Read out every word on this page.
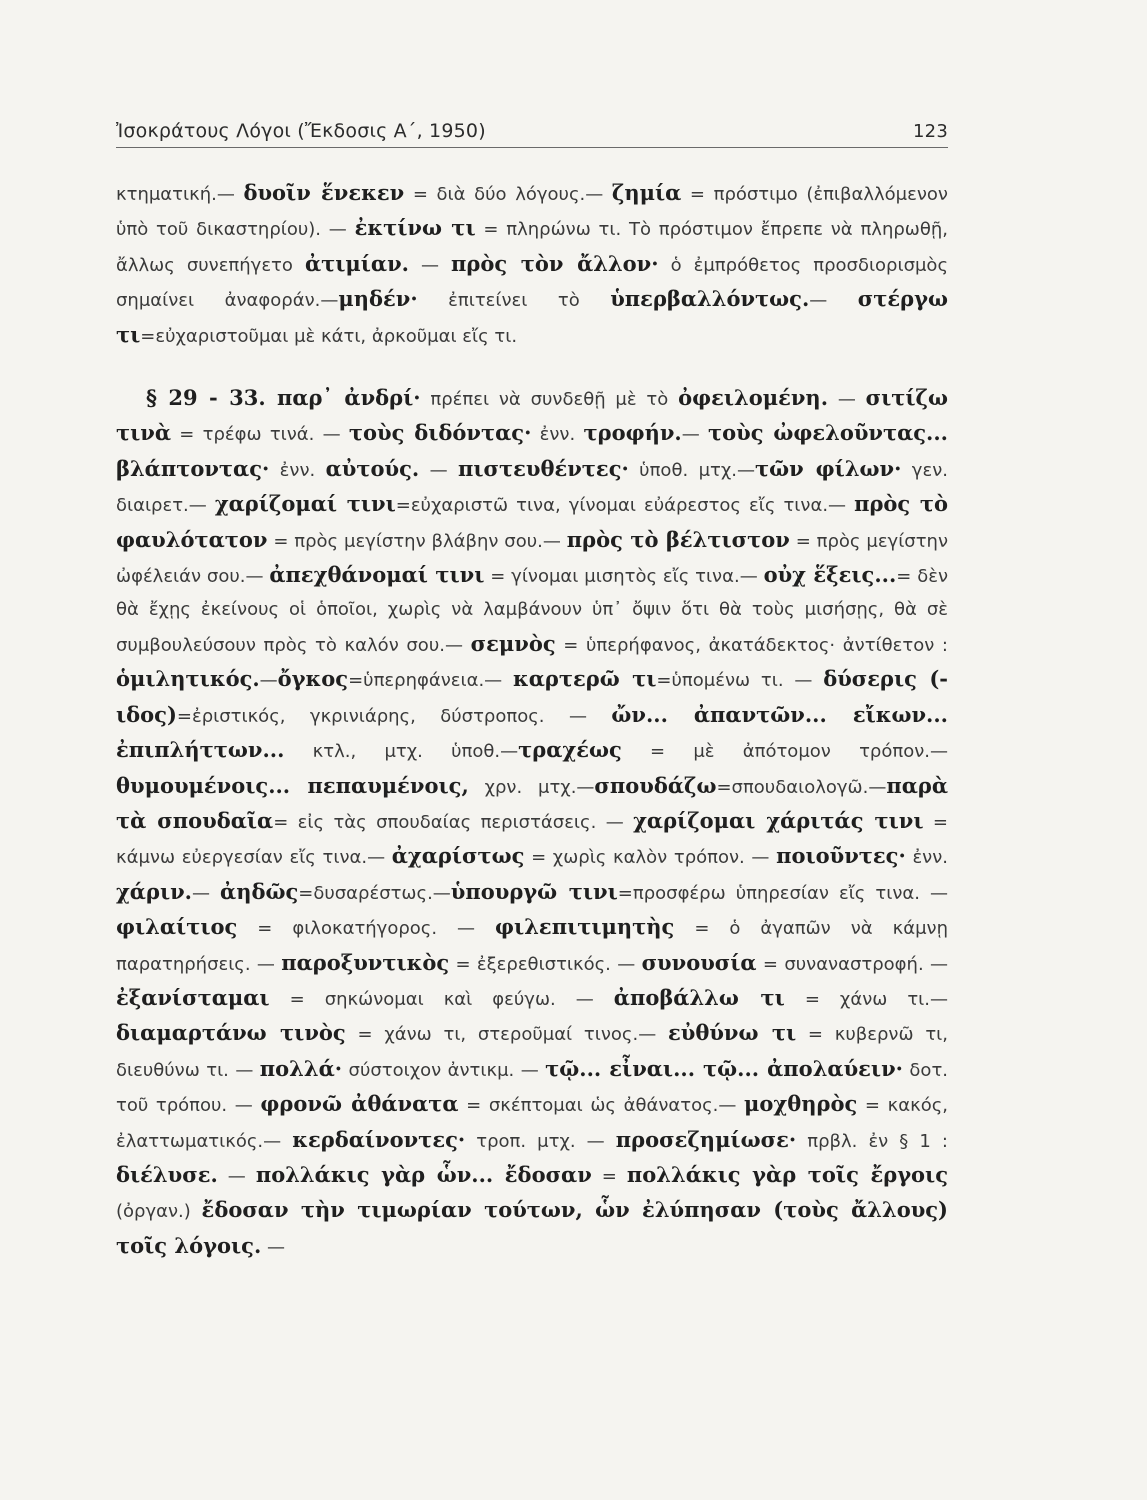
Ἰσοκράτους Λόγοι (Ἔκδοσις Α΄, 1950)	123

κτηματική.— δυοῖν ἕνεκεν = διὰ δύο λόγους.— ζημία = πρόστιμο (ἐπιβαλλόμενον ὑπὸ τοῦ δικαστηρίου). — ἐκτίνω τι = πληρώνω τι. Τὸ πρόστιμον ἔπρεπε νὰ πληρωθῇ, ἄλλως συνεπήγετο ἀτιμίαν. — πρὸς τὸν ἄλλον· ὁ ἐμπρόθετος προσδιορισμὸς σημαίνει ἀναφοράν.—μηδέν· ἐπιτείνει τὸ ὑπερβαλλόντως.— στέργω τι=εὐχαριστοῦμαι μὲ κάτι, ἀρκοῦμαι εἴς τι.

§ 29 - 33. παρ᾽ ἀνδρί· πρέπει νὰ συνδεθῇ μὲ τὸ ὀφειλομένη. — σιτίζω τινὰ = τρέφω τινά. — τοὺς διδόντας· ἐνν. τροφήν.— τοὺς ὠφελοῦντας... βλάπτοντας· ἐνν. αὐτούς. — πιστευθέντες· ὑποθ. μτχ.—τῶν φίλων· γεν. διαιρετ.— χαρίζομαί τινι=εὐχαριστῶ τινα, γίνομαι εὐάρεστος εἴς τινα.— πρὸς τὸ φαυλότατον = πρὸς μεγίστην βλάβην σου.— πρὸς τὸ βέλτιστον = πρὸς μεγίστην ὠφέλειάν σου.— ἀπεχθάνομαί τινι = γίνομαι μισητὸς εἴς τινα.— οὐχ ἕξεις...= δὲν θὰ ἔχῃς ἐκείνους οἱ ὁποῖοι, χωρὶς νὰ λαμβάνουν ὑπ᾽ ὄψιν ὅτι θὰ τοὺς μισήσῃς, θὰ σὲ συμβουλεύσουν πρὸς τὸ καλόν σου.— σεμνὸς = ὑπερήφανος, ἀκατάδεκτος· ἀντίθετον : ὁμιλητικός.—ὄγκος=ὑπερηφάνεια.— καρτερῶ τι=ὑπομένω τι. — δύσερις (-ιδος)=ἐριστικός, γκρινιάρης, δύστροπος. — ὤν... ἀπαντῶν... εἴκων... ἐπιπλήττων... κτλ., μτχ. ὑποθ.—τραχέως = μὲ ἀπότομον τρόπον.—θυμουμένοις... πεπαυμένοις, χρν. μτχ.—σπουδάζω=σπουδαιολογῶ.—παρὰ τὰ σπουδαῖα= εἰς τὰς σπουδαίας περιστάσεις. — χαρίζομαι χάριτάς τινι = κάμνω εὐεργεσίαν εἴς τινα.— ἀχαρίστως = χωρὶς καλὸν τρόπον. — ποιοῦντες· ἐνν. χάριν.— ἀηδῶς=δυσαρέστως.—ὑπουργῶ τινι=προσφέρω ὑπηρεσίαν εἴς τινα. — φιλαίτιος = φιλοκατήγορος. — φιλεπιτιμητὴς = ὁ ἀγαπῶν νὰ κάμνῃ παρατηρήσεις. — παροξυντικὸς = ἐξερεθιστικός. — συνουσία = συναναστροφή. — ἐξανίσταμαι = σηκώνομαι καὶ φεύγω. — ἀποβάλλω τι = χάνω τι.— διαμαρτάνω τινὸς = χάνω τι, στεροῦμαί τινος.— εὐθύνω τι = κυβερνῶ τι, διευθύνω τι. — πολλά· σύστοιχον ἀντικμ. — τῷ... εἶναι... τῷ... ἀπολαύειν· δοτ. τοῦ τρόπου. — φρονῶ ἀθάνατα = σκέπτομαι ὡς ἀθάνατος.— μοχθηρὸς = κακός, ἐλαττωματικός.— κερδαίνοντες· τροπ. μτχ. — προσεζημίωσε· πρβλ. ἐν § 1 : διέλυσε. — πολλάκις γὰρ ὧν... ἔδοσαν = πολλάκις γὰρ τοῖς ἔργοις (ὀργαν.) ἔδοσαν τὴν τιμωρίαν τούτων, ὧν ἐλύπησαν (τοὺς ἄλλους) τοῖς λόγοις. —
